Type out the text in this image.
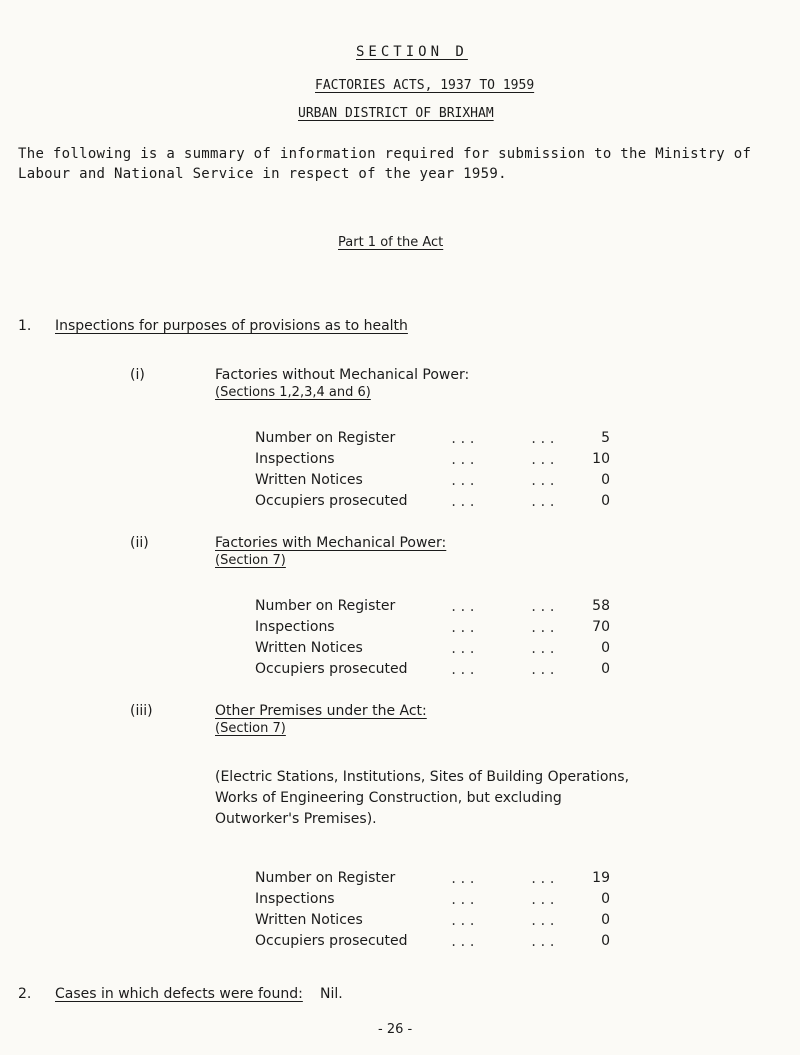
SECTION D
FACTORIES ACTS, 1937 TO 1959
URBAN DISTRICT OF BRIXHAM
The following is a summary of information required for submission to the Ministry of Labour and National Service in respect of the year 1959.
Part 1 of the Act
1. Inspections for purposes of provisions as to health
(i)	Factories without Mechanical Power:
(Sections 1,2,3,4 and 6)
Number on Register	...	...	5
Inspections	...	...	10
Written Notices	...	...	0
Occupiers prosecuted	...	...	0
(ii)	Factories with Mechanical Power:
(Section 7)
Number on Register	...	...	58
Inspections	...	...	70
Written Notices	...	...	0
Occupiers prosecuted	...	...	0
(iii)	Other Premises under the Act:
(Section 7)
(Electric Stations, Institutions, Sites of Building Operations, Works of Engineering Construction, but excluding Outworker's Premises).
Number on Register	...	...	19
Inspections	...	...	0
Written Notices	...	...	0
Occupiers prosecuted	...	...	0
2. Cases in which defects were found: Nil.
- 26 -
